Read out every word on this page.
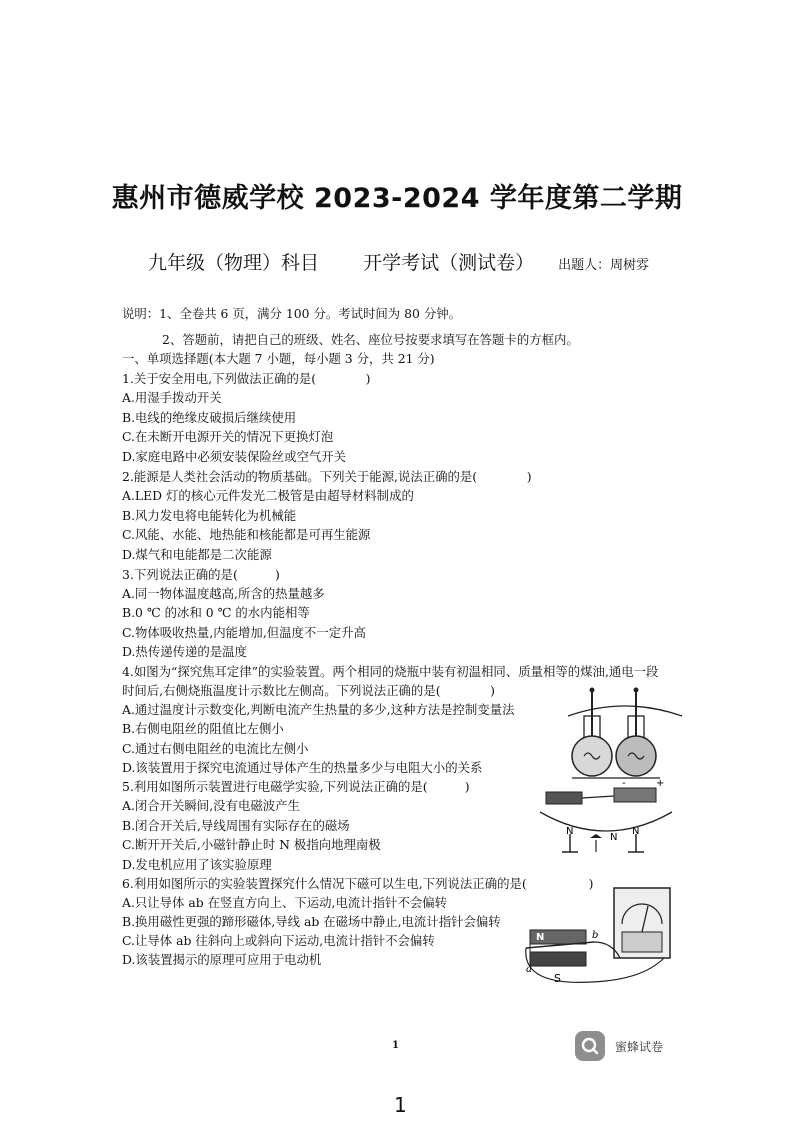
惠州市德威学校 2023-2024 学年度第二学期
九年级（物理）科目 开学考试（测试卷） 出题人：周树雰
说明：1、全卷共 6 页，满分 100 分。考试时间为 80 分钟。
2、答题前，请把自己的班级、姓名、座位号按要求填写在答题卡的方框内。
一、单项选择题(本大题 7 小题，每小题 3 分，共 21 分)
1.关于安全用电,下列做法正确的是(　　　　)
A.用湿手拨动开关
B.电线的绝缘皮破损后继续使用
C.在未断开电源开关的情况下更换灯泡
D.家庭电路中必须安装保险丝或空气开关
2.能源是人类社会活动的物质基础。下列关于能源,说法正确的是(　　　　)
A.LED 灯的核心元件发光二极管是由超导材料制成的
B.风力发电将电能转化为机械能
C.风能、水能、地热能和核能都是可再生能源
D.煤气和电能都是二次能源
3.下列说法正确的是(　　　)
A.同一物体温度越高,所含的热量越多
B.0 ℃ 的冰和 0 ℃ 的水内能相等
C.物体吸收热量,内能增加,但温度不一定升高
D.热传递传递的是温度
4.如图为“探究焦耳定律”的实验装置。两个相同的烧瓶中装有初温相同、质量相等的煤油,通电一段
时间后,右侧烧瓶温度计示数比左侧高。下列说法正确的是(　　　　)
A.通过温度计示数变化,判断电流产生热量的多少,这种方法是控制变量法
B.右侧电阻丝的阻值比左侧小
C.通过右侧电阻丝的电流比左侧小
D.该装置用于探究电流通过导体产生的热量多少与电阻大小的关系
5.利用如图所示装置进行电磁学实验,下列说法正确的是(　　　)
A.闭合开关瞬间,没有电磁波产生
B.闭合开关后,导线周围有实际存在的磁场
C.断开开关后,小磁针静止时 N 极指向地理南极
D.发电机应用了该实验原理
6.利用如图所示的实验装置探究什么情况下磁可以生电,下列说法正确的是(　　　　　)
A.只让导体 ab 在竖直方向上、下运动,电流计指针不会偏转
B.换用磁性更强的蹄形磁体,导线 ab 在磁场中静止,电流计指针会偏转
C.让导体 ab 往斜向上或斜向下运动,电流计指针不会偏转
D.该装置揭示的原理可应用于电动机
-	+
N
N
N
N
S
b
a
1	蜜蜂试卷
1
